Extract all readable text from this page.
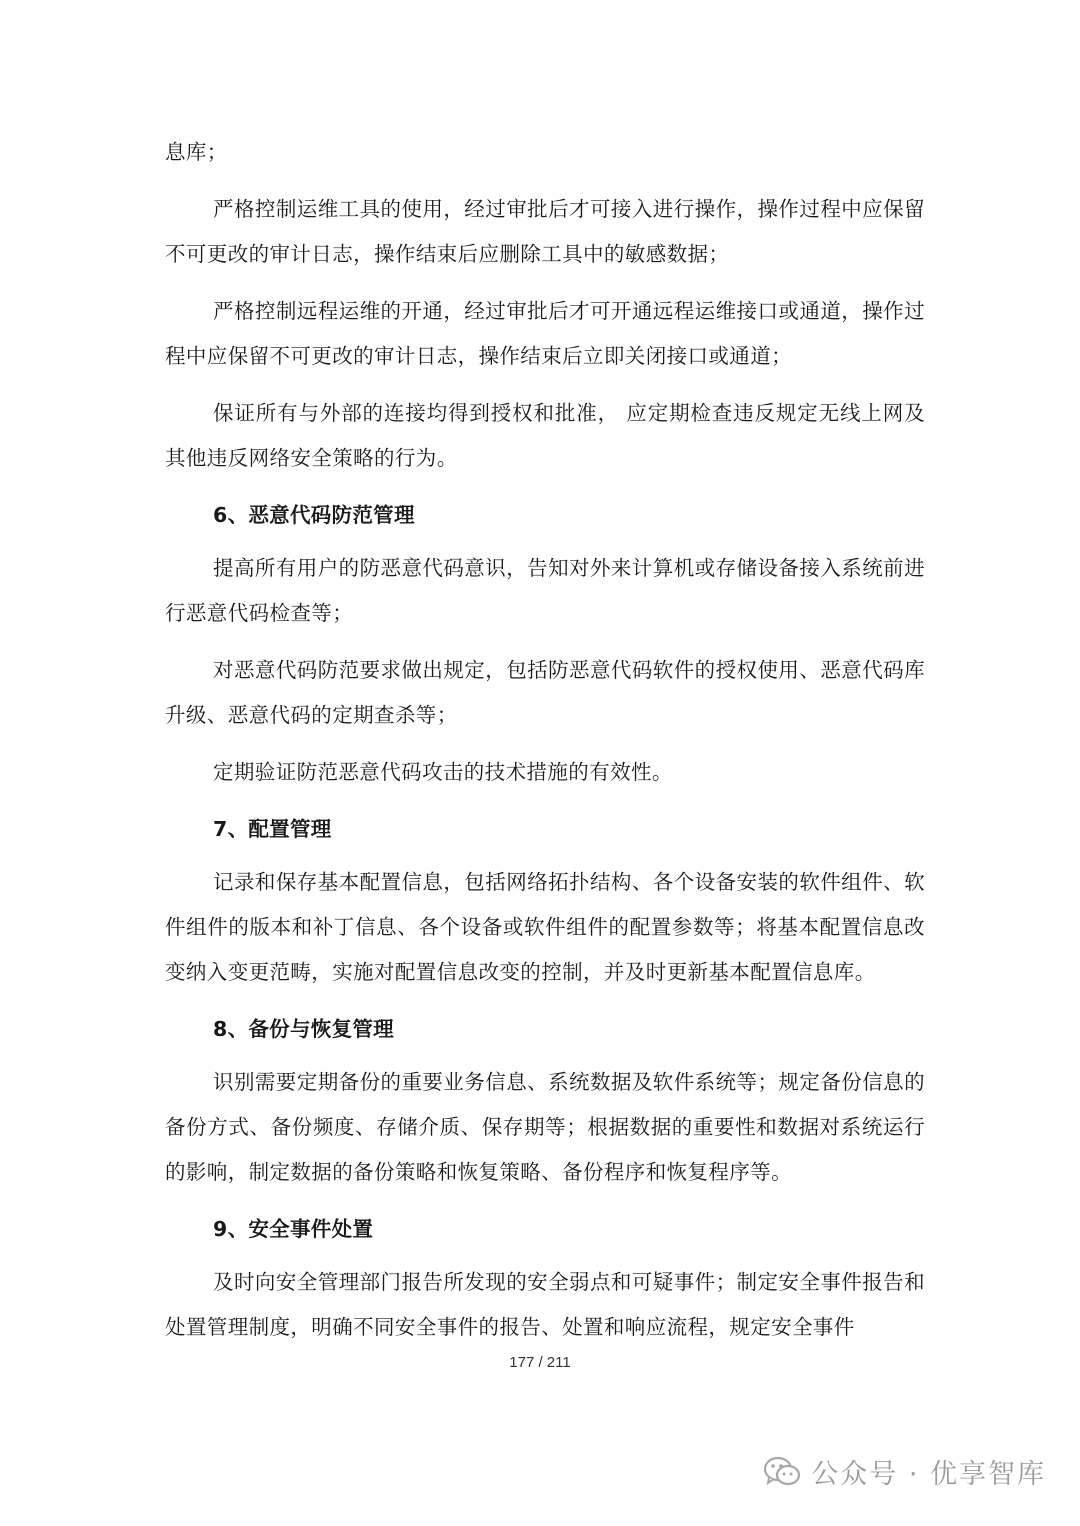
息库；

严格控制运维工具的使用，经过审批后才可接入进行操作，操作过程中应保留不可更改的审计日志，操作结束后应删除工具中的敏感数据；

严格控制远程运维的开通，经过审批后才可开通远程运维接口或通道，操作过程中应保留不可更改的审计日志，操作结束后立即关闭接口或通道；

保证所有与外部的连接均得到授权和批准， 应定期检查违反规定无线上网及其他违反网络安全策略的行为。

6、恶意代码防范管理

提高所有用户的防恶意代码意识，告知对外来计算机或存储设备接入系统前进行恶意代码检查等；

对恶意代码防范要求做出规定，包括防恶意代码软件的授权使用、恶意代码库升级、恶意代码的定期查杀等；

定期验证防范恶意代码攻击的技术措施的有效性。

7、配置管理

记录和保存基本配置信息，包括网络拓扑结构、各个设备安装的软件组件、软件组件的版本和补丁信息、各个设备或软件组件的配置参数等；将基本配置信息改变纳入变更范畴，实施对配置信息改变的控制，并及时更新基本配置信息库。

8、备份与恢复管理

识别需要定期备份的重要业务信息、系统数据及软件系统等；规定备份信息的备份方式、备份频度、存储介质、保存期等；根据数据的重要性和数据对系统运行的影响，制定数据的备份策略和恢复策略、备份程序和恢复程序等。

9、安全事件处置

及时向安全管理部门报告所发现的安全弱点和可疑事件；制定安全事件报告和处置管理制度，明确不同安全事件的报告、处置和响应流程，规定安全事件

177 / 211
公众号 · 优享智库
